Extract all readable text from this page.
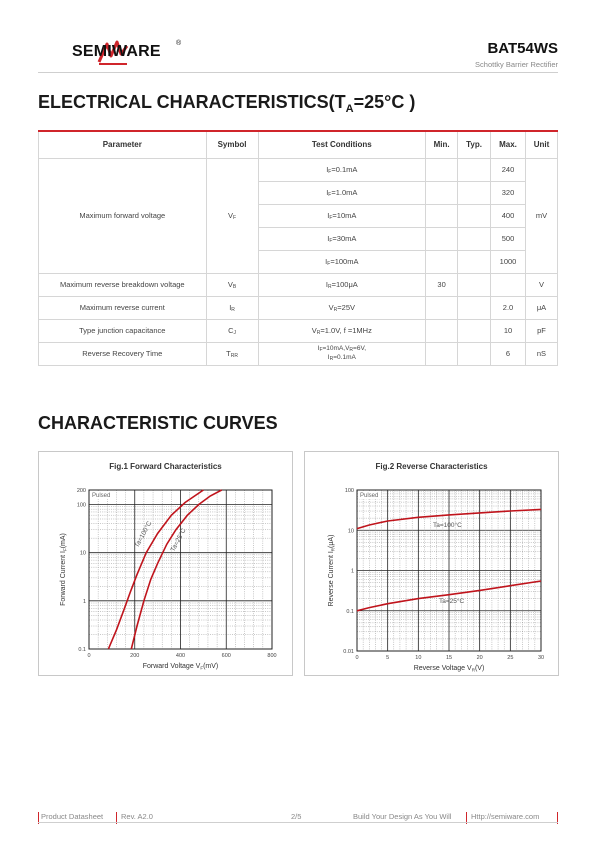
SEMIWARE ®	BAT54WS
Schottky Barrier Rectifier
ELECTRICAL $CHARACTERISTICS(T_A=25^\circ C$ )
Parameter	Symbol	Test Conditions	Min.	Typ.	Max.	Unit
Maximum forward voltage	$V_F$	$I_F=0.1mA$			240	mV
		$I_F=1.0mA$			320	
		$I_F=10mA$			400	
		$I_F=30mA$			500	
		$I_F=100mA$			1000	
Maximum reverse breakdown voltage	$V_B$	$I_R=100\mu A$	30			V
Maximum reverse current	$I_R$	$V_R=25V$			2.0	μA
Type junction capacitance	$C_J$	$V_R=1.0V$, f =1MHz			10	pF
Reverse Recovery Time	$T_{RR}$	$I_F=10mA,V_R=6V$,
$I_R=0.1mA$			6	nS
CHARACTERISTIC CURVES
Fig.1 Forward Characteristics
0	200	400	600	800
0.1
1
10
100
200
Pulsed
Ta=100°C	Ta=25°C
Forward Voltage $V_F(mV)$
Forward Current $I_F(mA)$
Fig.2 Reverse Characteristics
0	5	10	15	20	25	30
0.01
0.1
1
10
100
Pulsed
Ta=100°C
Ta=25°C
Reverse Voltage $V_R(V)$
Reverse Current $I_R(\mu A)$
Product Datasheet Rev. A2.0	2/5	Build Your Design As You Will	Http://semiware.com
